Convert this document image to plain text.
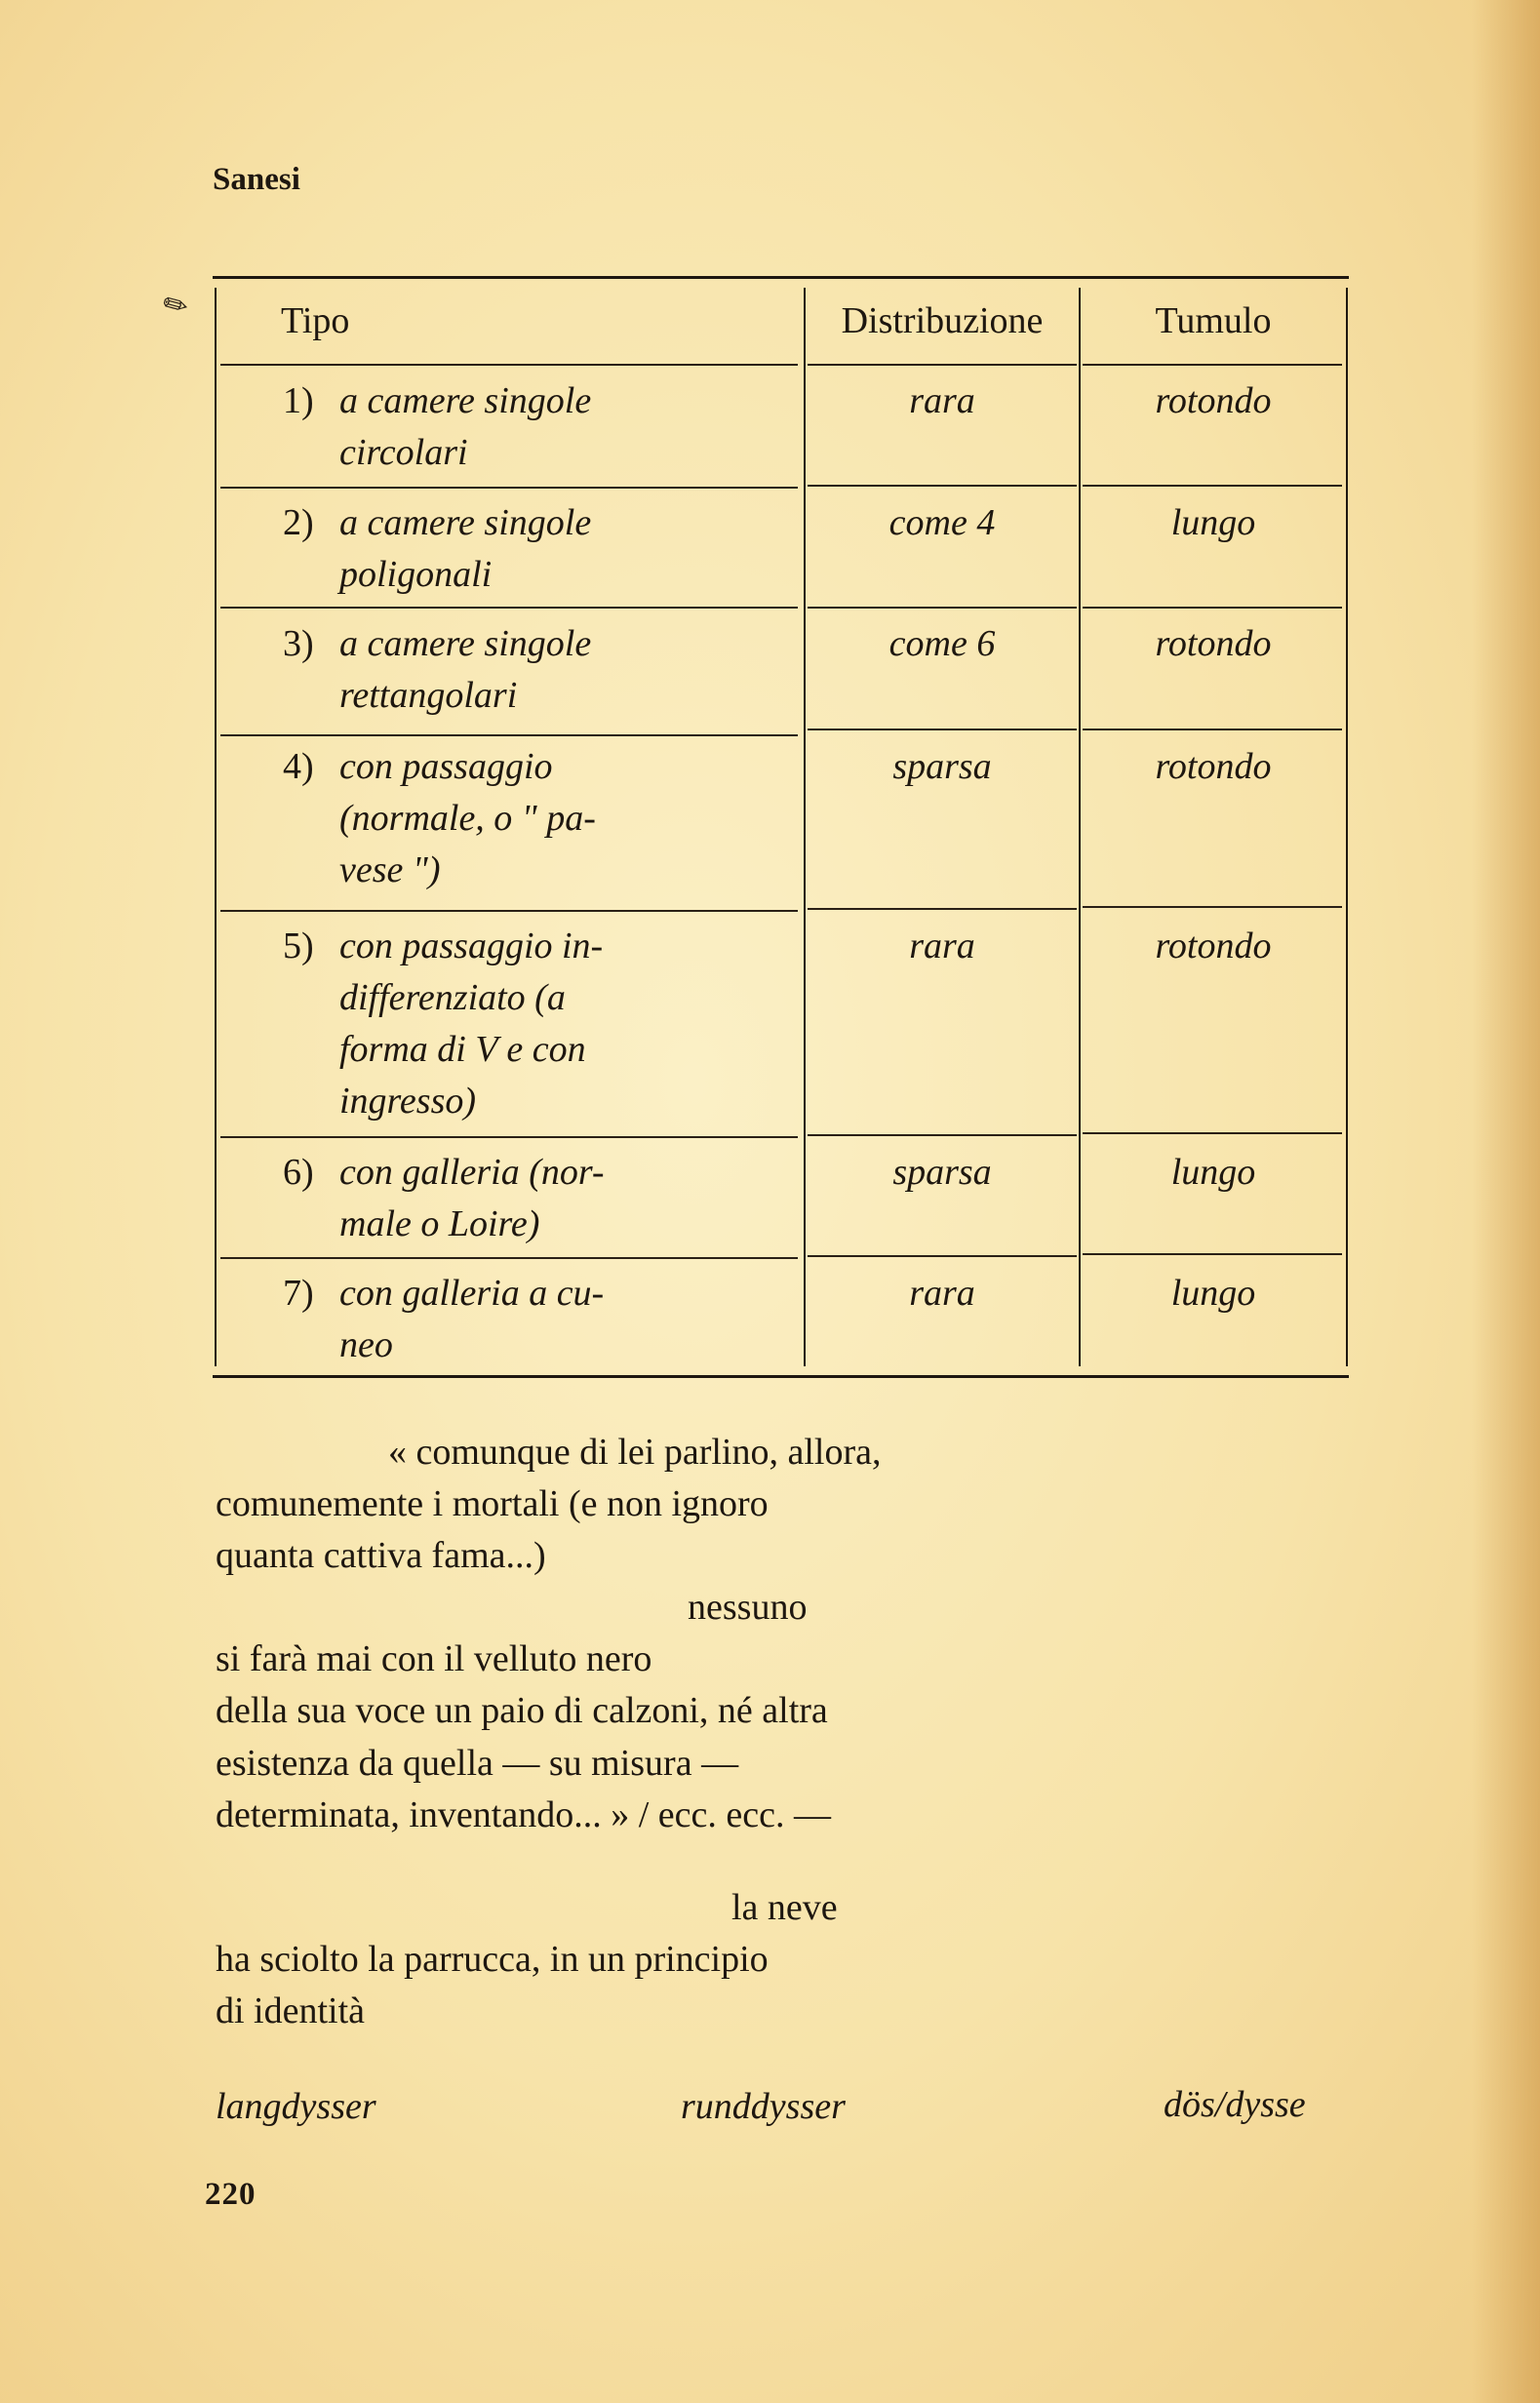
Sanesi
✎ Tipo	Distribuzione	Tumulo
1) a camere singole
circolari
rara	rotondo
2) a camere singole
poligonali
come 4	lungo
3) a camere singole
rettangolari
come 6	rotondo
4) con passaggio
(normale, o " pa-
vese ")
sparsa	rotondo
5) con passaggio in-
differenziato (a
forma di V e con
ingresso)
rara	rotondo
6) con galleria (nor-
male o Loire)
sparsa	lungo
7) con galleria a cu-
neo
rara	lungo
« comunque di lei parlino, allora,
comunemente i mortali (e non ignoro
quanta cattiva fama...)
nessuno
si farà mai con il velluto nero
della sua voce un paio di calzoni, né altra
esistenza da quella — su misura —
determinata, inventando... » / ecc. ecc. —
la neve
ha sciolto la parrucca, in un principio
di identità
langdysser	runddysser	dös/dysse
220
